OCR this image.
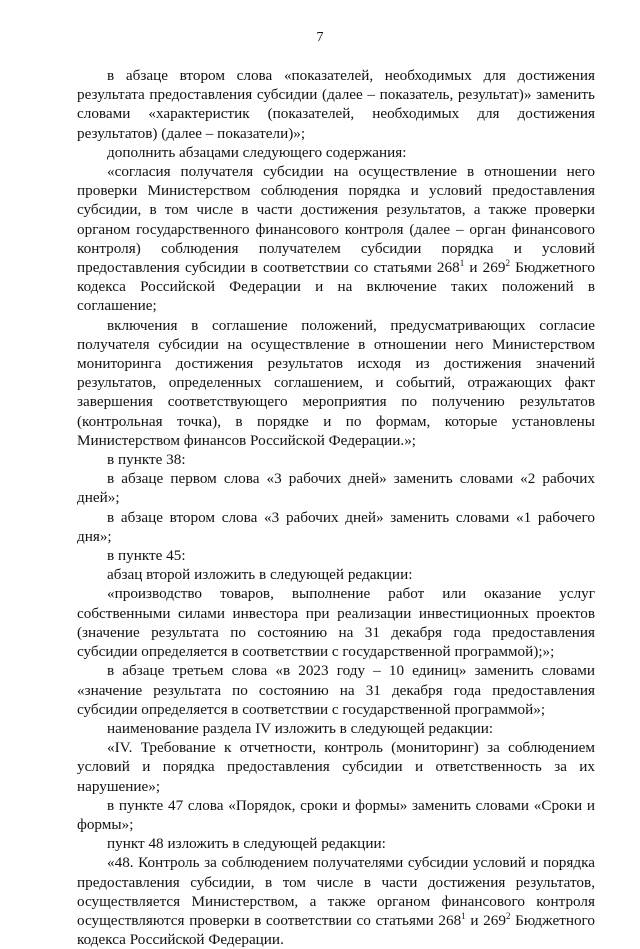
7

в абзаце втором слова «показателей, необходимых для достижения результата предоставления субсидии (далее – показатель, результат)» заменить словами «характеристик (показателей, необходимых для достижения результатов) (далее – показатели)»;

дополнить абзацами следующего содержания:

«согласия получателя субсидии на осуществление в отношении него проверки Министерством соблюдения порядка и условий предоставления субсидии, в том числе в части достижения результатов, а также проверки органом государственного финансового контроля (далее – орган финансового контроля) соблюдения получателем субсидии порядка и условий предоставления субсидии в соответствии со статьями $268^1$ и $269^2$ Бюджетного кодекса Российской Федерации и на включение таких положений в соглашение;

включения в соглашение положений, предусматривающих согласие получателя субсидии на осуществление в отношении него Министерством мониторинга достижения результатов исходя из достижения значений результатов, определенных соглашением, и событий, отражающих факт завершения соответствующего мероприятия по получению результатов (контрольная точка), в порядке и по формам, которые установлены Министерством финансов Российской Федерации.»;

в пункте 38:

в абзаце первом слова «3 рабочих дней» заменить словами «2 рабочих дней»;

в абзаце втором слова «3 рабочих дней» заменить словами «1 рабочего дня»;

в пункте 45:

абзац второй изложить в следующей редакции:

«производство товаров, выполнение работ или оказание услуг собственными силами инвестора при реализации инвестиционных проектов (значение результата по состоянию на 31 декабря года предоставления субсидии определяется в соответствии с государственной программой);»;

в абзаце третьем слова «в 2023 году – 10 единиц» заменить словами «значение результата по состоянию на 31 декабря года предоставления субсидии определяется в соответствии с государственной программой»;

наименование раздела IV изложить в следующей редакции:

«IV. Требование к отчетности, контроль (мониторинг) за соблюдением условий и порядка предоставления субсидии и ответственность за их нарушение»;

в пункте 47 слова «Порядок, сроки и формы» заменить словами «Сроки и формы»;

пункт 48 изложить в следующей редакции:

«48. Контроль за соблюдением получателями субсидии условий и порядка предоставления субсидии, в том числе в части достижения результатов, осуществляется Министерством, а также органом финансового контроля осуществляются проверки в соответствии со статьями $268^1$ и $269^2$ Бюджетного кодекса Российской Федерации.
